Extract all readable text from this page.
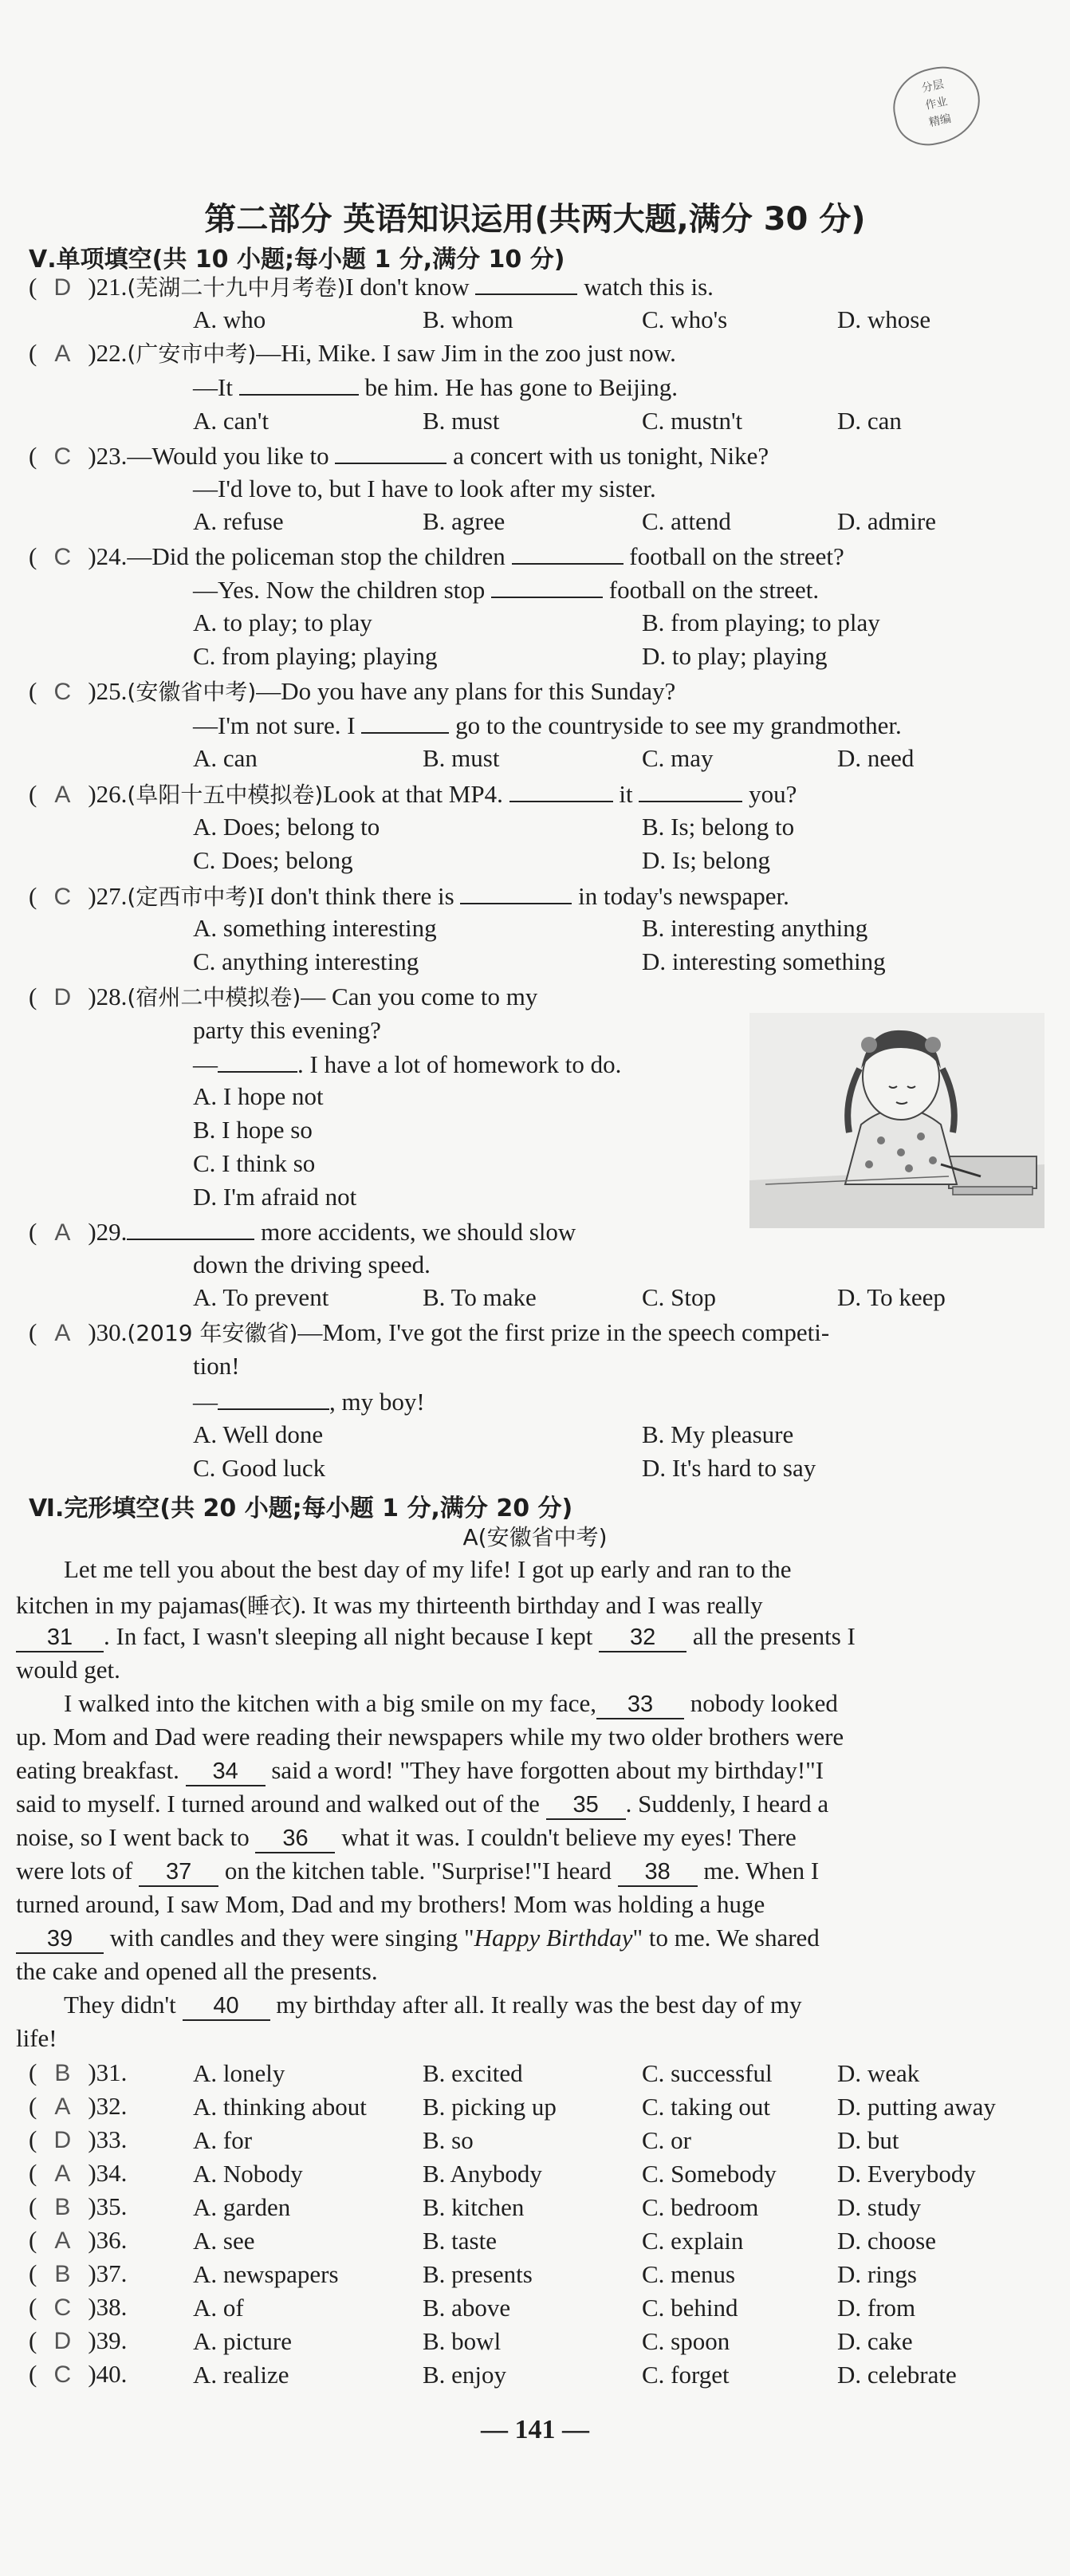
分层
作业
精编
第二部分 英语知识运用(共两大题,满分 30 分)
Ⅴ.单项填空(共 10 小题;每小题 1 分,满分 10 分)
( D )21.(芜湖二十九中月考卷)I don't know	watch this is.
A. who	B. whom	C. who's	D. whose
( A )22.(广安市中考)—Hi, Mike. I saw Jim in the zoo just now.
—It	be him. He has gone to Beijing.
A. can't	B. must	C. mustn't	D. can
( C )23.—Would you like to	a concert with us tonight, Nike?
—I'd love to, but I have to look after my sister.
A. refuse	B. agree	C. attend	D. admire
( C )24.—Did the policeman stop the children	football on the street?
—Yes. Now the children stop	football on the street.
A. to play; to play	B. from playing; to play
C. from playing; playing	D. to play; playing
( C )25.(安徽省中考)—Do you have any plans for this Sunday?
—I'm not sure. I	go to the countryside to see my grandmother.
A. can	B. must	C. may	D. need
( A )26.(阜阳十五中模拟卷)Look at that MP4.	it	you?
A. Does; belong to	B. Is; belong to
C. Does; belong	D. Is; belong
( C )27.(定西市中考)I don't think there is	in today's newspaper.
A. something interesting	B. interesting anything
C. anything interesting	D. interesting something
( D )28.(宿州二中模拟卷)— Can you come to my
party this evening?
—	. I have a lot of homework to do.
A. I hope not
B. I hope so
C. I think so
D. I'm afraid not
( A )29.	more accidents, we should slow
down the driving speed.
A. To prevent	B. To make	C. Stop	D. To keep
( A )30.(2019 年安徽省)—Mom, I've got the first prize in the speech competi-
tion!
—	, my boy!
A. Well done	B. My pleasure
C. Good luck	D. It's hard to say
Ⅵ.完形填空(共 20 小题;每小题 1 分,满分 20 分)
A(安徽省中考)
Let me tell you about the best day of my life! I got up early and ran to the
kitchen in my pajamas(睡衣). It was my thirteenth birthday and I was really
31 . In fact, I wasn't sleeping all night because I kept 32 all the presents I
would get.
I walked into the kitchen with a big smile on my face, 33 nobody looked
up. Mom and Dad were reading their newspapers while my two older brothers were
eating breakfast. 34 said a word! "They have forgotten about my birthday!"I
said to myself. I turned around and walked out of the 35 . Suddenly, I heard a
noise, so I went back to 36 what it was. I couldn't believe my eyes! There
were lots of 37 on the kitchen table. "Surprise!"I heard 38 me. When I
turned around, I saw Mom, Dad and my brothers! Mom was holding a huge
39 with candles and they were singing "Happy Birthday" to me. We shared
the cake and opened all the presents.
They didn't 40 my birthday after all. It really was the best day of my
life!
( B )31.	A. lonely	B. excited	C. successful	D. weak
( A )32.	A. thinking about B. picking up	C. taking out	D. putting away
( D )33.	A. for	B. so	C. or	D. but
( A )34.	A. Nobody	B. Anybody	C. Somebody D. Everybody
( B )35.	A. garden	B. kitchen	C. bedroom	D. study
( A )36.	A. see	B. taste	C. explain	D. choose
( B )37.	A. newspapers	B. presents	C. menus	D. rings
( C )38.	A. of	B. above	C. behind	D. from
( D )39.	A. picture	B. bowl	C. spoon	D. cake
( C )40.	A. realize	B. enjoy	C. forget	D. celebrate
— 141 —
